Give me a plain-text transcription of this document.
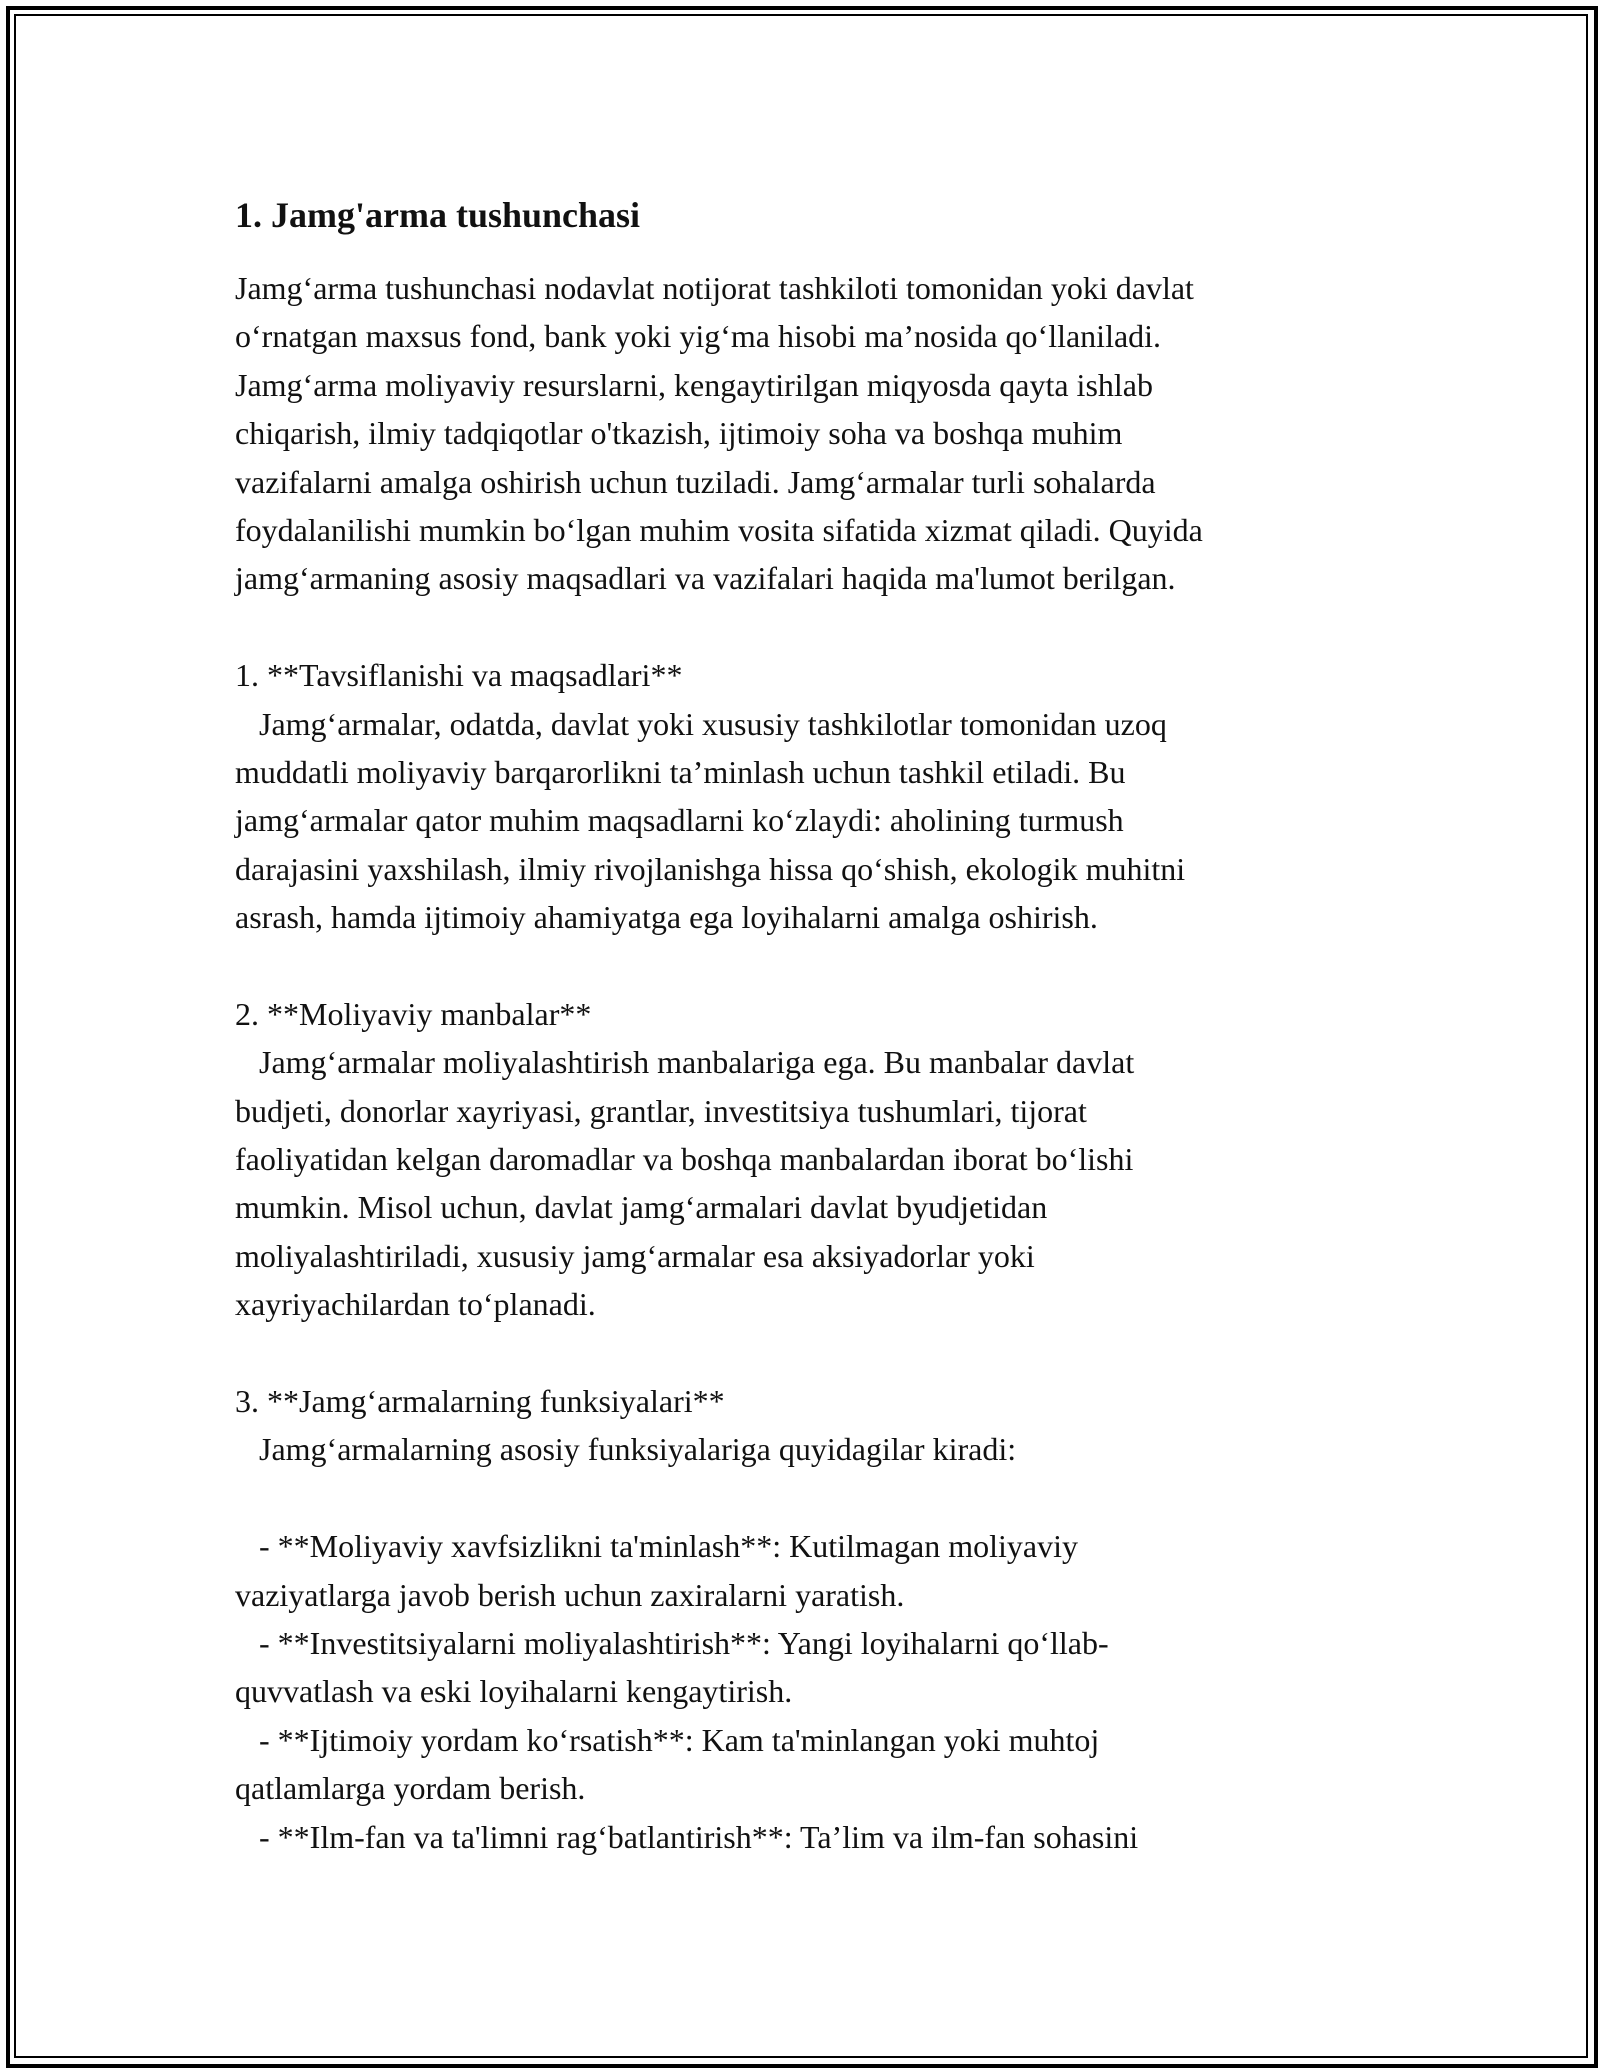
1. Jamg'arma tushunchasi
Jamg‘arma tushunchasi nodavlat notijorat tashkiloti tomonidan yoki davlat
o‘rnatgan maxsus fond, bank yoki yig‘ma hisobi ma’nosida qo‘llaniladi.
Jamg‘arma moliyaviy resurslarni, kengaytirilgan miqyosda qayta ishlab
chiqarish, ilmiy tadqiqotlar o'tkazish, ijtimoiy soha va boshqa muhim
vazifalarni amalga oshirish uchun tuziladi. Jamg‘armalar turli sohalarda
foydalanilishi mumkin bo‘lgan muhim vosita sifatida xizmat qiladi. Quyida
jamg‘armaning asosiy maqsadlari va vazifalari haqida ma'lumot berilgan.
1. **Tavsiflanishi va maqsadlari**
Jamg‘armalar, odatda, davlat yoki xususiy tashkilotlar tomonidan uzoq
muddatli moliyaviy barqarorlikni ta’minlash uchun tashkil etiladi. Bu
jamg‘armalar qator muhim maqsadlarni ko‘zlaydi: aholining turmush
darajasini yaxshilash, ilmiy rivojlanishga hissa qo‘shish, ekologik muhitni
asrash, hamda ijtimoiy ahamiyatga ega loyihalarni amalga oshirish.
2. **Moliyaviy manbalar**
Jamg‘armalar moliyalashtirish manbalariga ega. Bu manbalar davlat
budjeti, donorlar xayriyasi, grantlar, investitsiya tushumlari, tijorat
faoliyatidan kelgan daromadlar va boshqa manbalardan iborat bo‘lishi
mumkin. Misol uchun, davlat jamg‘armalari davlat byudjetidan
moliyalashtiriladi, xususiy jamg‘armalar esa aksiyadorlar yoki
xayriyachilardan to‘planadi.
3. **Jamg‘armalarning funksiyalari**
Jamg‘armalarning asosiy funksiyalariga quyidagilar kiradi:
- **Moliyaviy xavfsizlikni ta'minlash**: Kutilmagan moliyaviy
vaziyatlarga javob berish uchun zaxiralarni yaratish.
- **Investitsiyalarni moliyalashtirish**: Yangi loyihalarni qo‘llab-
quvvatlash va eski loyihalarni kengaytirish.
- **Ijtimoiy yordam ko‘rsatish**: Kam ta'minlangan yoki muhtoj
qatlamlarga yordam berish.
- **Ilm-fan va ta'limni rag‘batlantirish**: Ta’lim va ilm-fan sohasini
